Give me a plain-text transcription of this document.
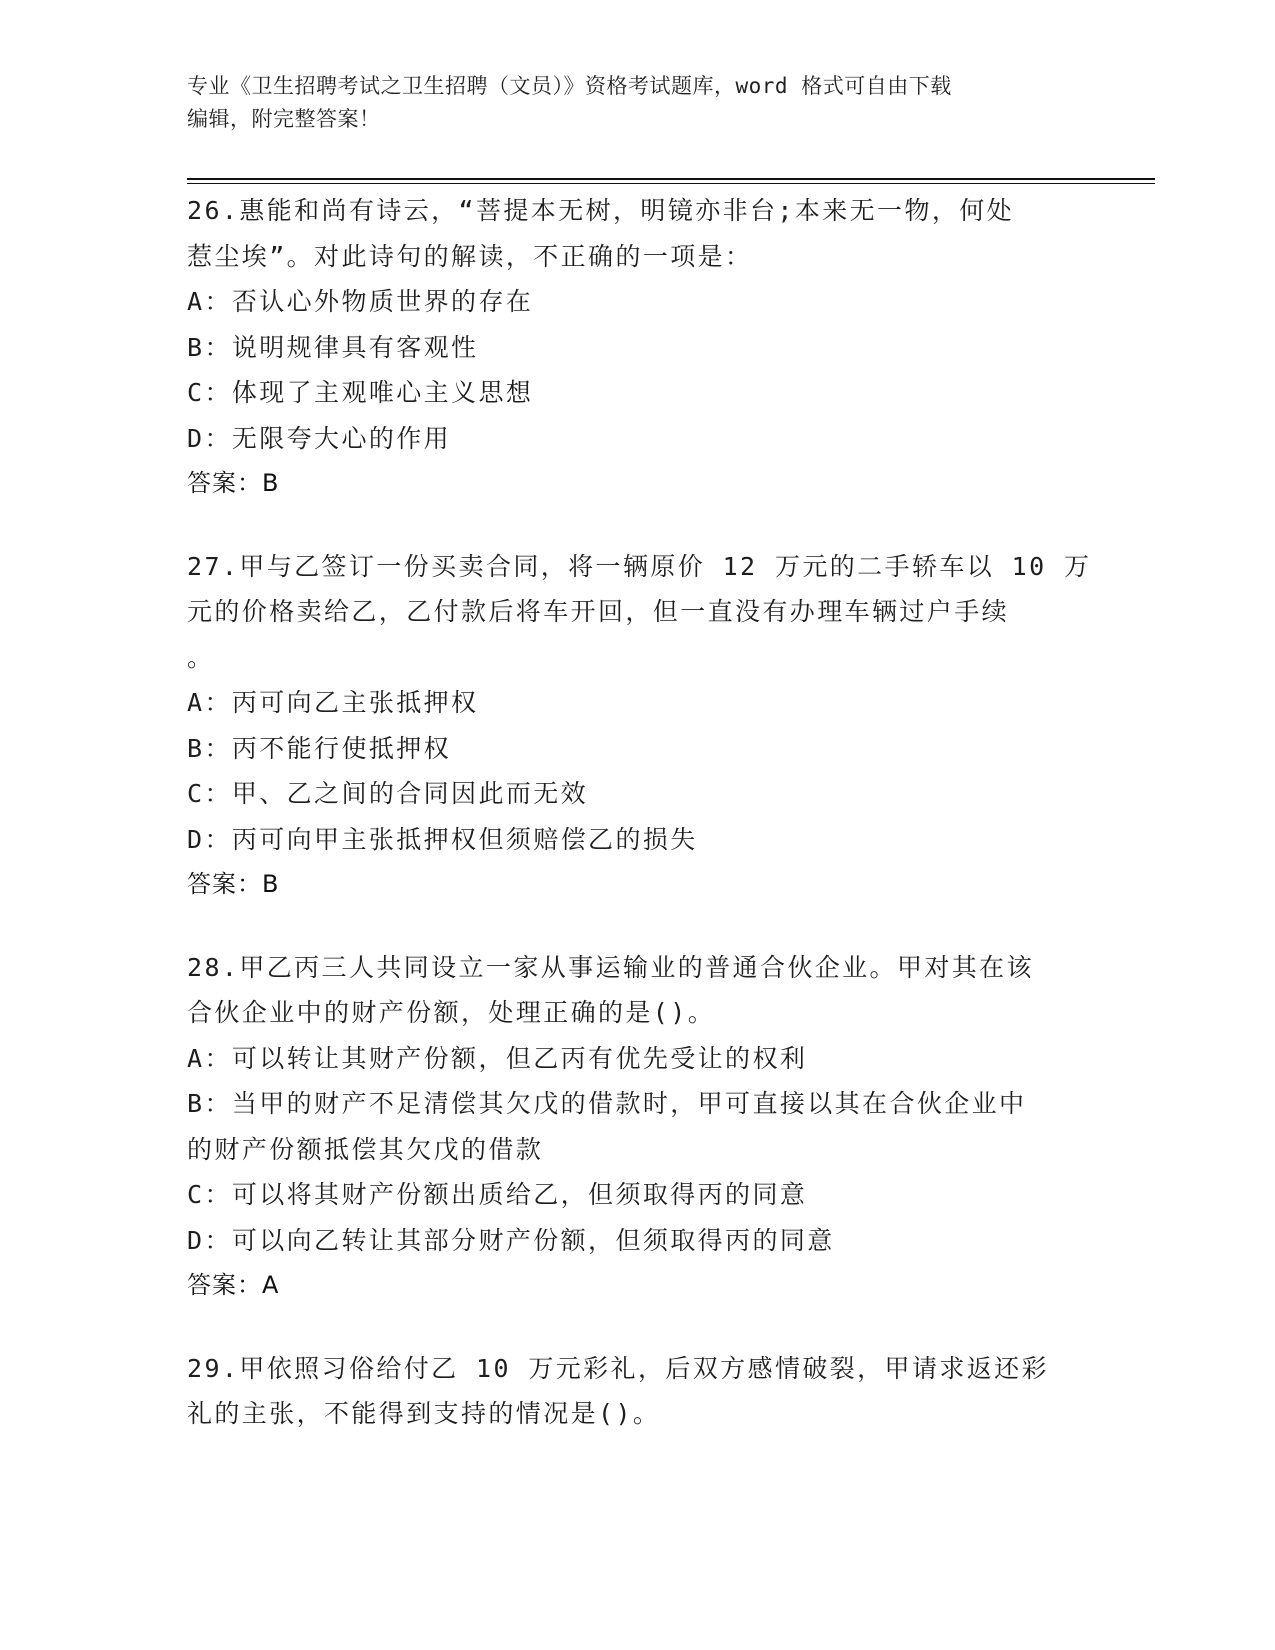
专业《卫生招聘考试之卫生招聘（文员）》资格考试题库，word 格式可自由下载
编辑，附完整答案！
26.惠能和尚有诗云，“菩提本无树，明镜亦非台;本来无一物，何处
惹尘埃”。对此诗句的解读，不正确的一项是：
A：否认心外物质世界的存在
B：说明规律具有客观性
C：体现了主观唯心主义思想
D：无限夸大心的作用
答案：B
27.甲与乙签订一份买卖合同，将一辆原价 12 万元的二手轿车以 10 万
元的价格卖给乙，乙付款后将车开回，但一直没有办理车辆过户手续
。
A：丙可向乙主张抵押权
B：丙不能行使抵押权
C：甲、乙之间的合同因此而无效
D：丙可向甲主张抵押权但须赔偿乙的损失
答案：B
28.甲乙丙三人共同设立一家从事运输业的普通合伙企业。甲对其在该
合伙企业中的财产份额，处理正确的是()。
A：可以转让其财产份额，但乙丙有优先受让的权利
B：当甲的财产不足清偿其欠戊的借款时，甲可直接以其在合伙企业中
的财产份额抵偿其欠戊的借款
C：可以将其财产份额出质给乙，但须取得丙的同意
D：可以向乙转让其部分财产份额，但须取得丙的同意
答案：A
29.甲依照习俗给付乙 10 万元彩礼，后双方感情破裂，甲请求返还彩
礼的主张，不能得到支持的情况是()。
